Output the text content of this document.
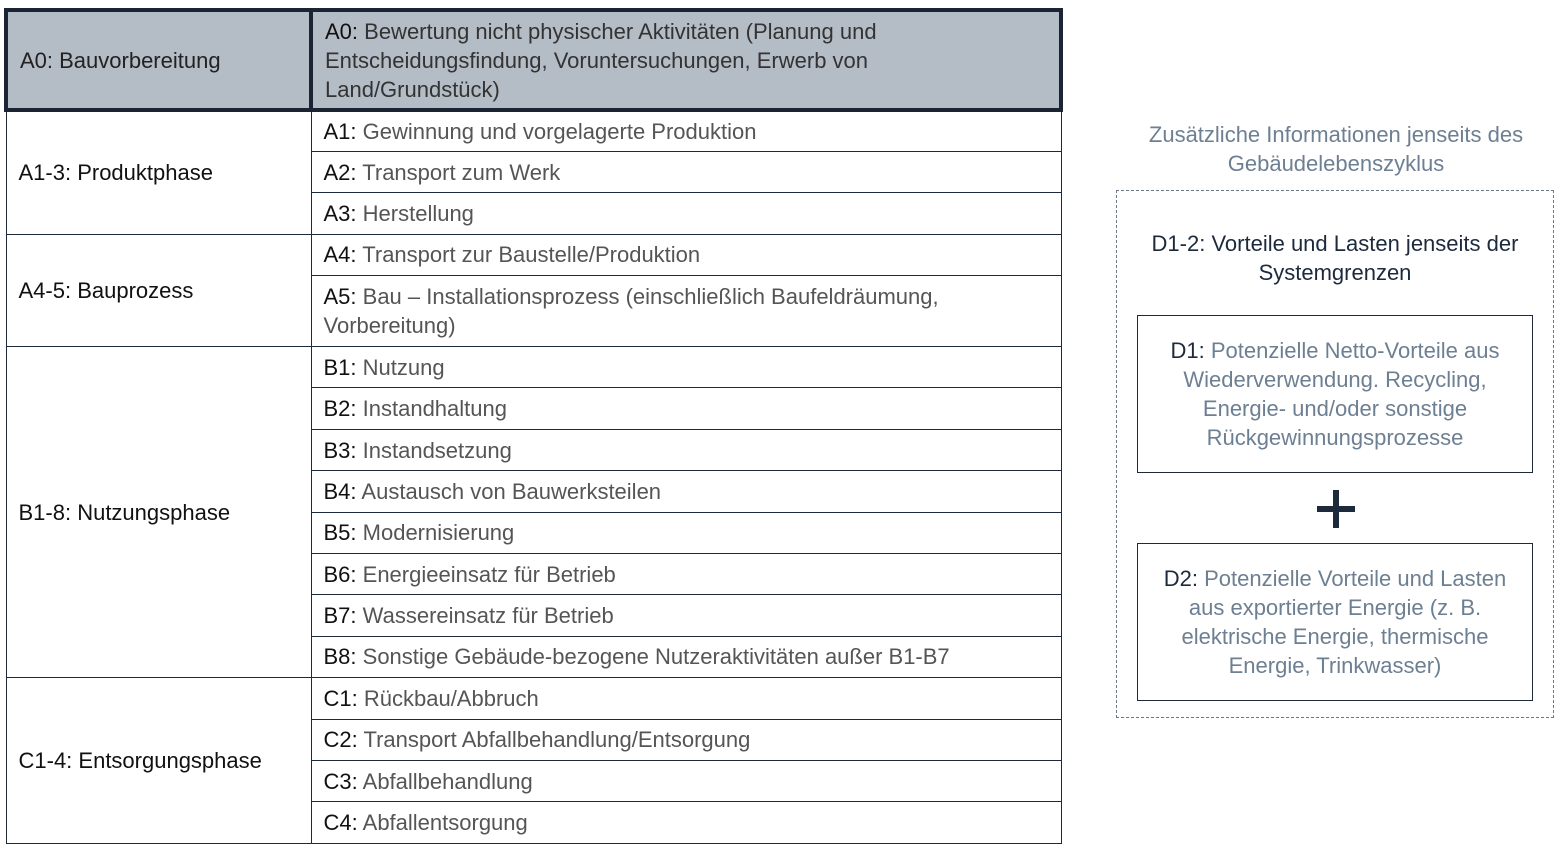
A0: Bauvorbereitung	A0: Bewertung nicht physischer Aktivitäten (Planung und Entscheidungsfindung, Voruntersuchungen, Erwerb von Land/Grundstück)
A1-3: Produktphase	A1: Gewinnung und vorgelagerte Produktion
	A2: Transport zum Werk
	A3: Herstellung
A4-5: Bauprozess	A4: Transport zur Baustelle/Produktion
	A5: Bau – Installationsprozess (einschließlich Baufeldräumung, Vorbereitung)
B1-8: Nutzungsphase	B1: Nutzung
	B2: Instandhaltung
	B3: Instandsetzung
	B4: Austausch von Bauwerksteilen
	B5: Modernisierung
	B6: Energieeinsatz für Betrieb
	B7: Wassereinsatz für Betrieb
	B8: Sonstige Gebäude-bezogene Nutzeraktivitäten außer B1-B7
C1-4: Entsorgungsphase	C1: Rückbau/Abbruch
	C2: Transport Abfallbehandlung/Entsorgung
	C3: Abfallbehandlung
	C4: Abfallentsorgung
Zusätzliche Informationen jenseits des Gebäudelebenszyklus
D1-2: Vorteile und Lasten jenseits der Systemgrenzen
D1: Potenzielle Netto-Vorteile aus Wiederverwendung. Recycling, Energie- und/oder sonstige Rückgewinnungsprozesse
D2: Potenzielle Vorteile und Lasten aus exportierter Energie (z. B. elektrische Energie, thermische Energie, Trinkwasser)
